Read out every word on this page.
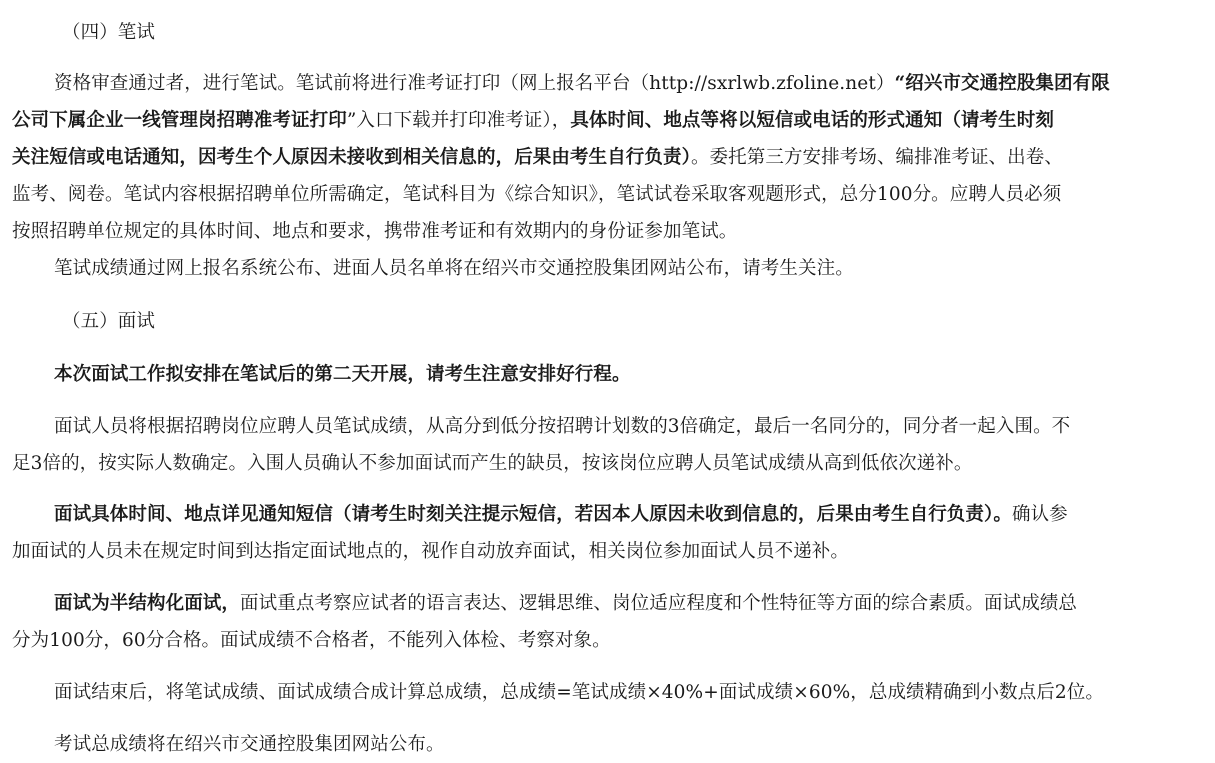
（四）笔试
资格审查通过者，进行笔试。笔试前将进行准考证打印（网上报名平台（http://sxrlwb.zfoline.net）“绍兴市交通控股集团有限
公司下属企业一线管理岗招聘准考证打印”入口下载并打印准考证），具体时间、地点等将以短信或电话的形式通知（请考生时刻
关注短信或电话通知，因考生个人原因未接收到相关信息的，后果由考生自行负责）。委托第三方安排考场、编排准考证、出卷、
监考、阅卷。笔试内容根据招聘单位所需确定，笔试科目为《综合知识》，笔试试卷采取客观题形式，总分100分。应聘人员必须
按照招聘单位规定的具体时间、地点和要求，携带准考证和有效期内的身份证参加笔试。
笔试成绩通过网上报名系统公布、进面人员名单将在绍兴市交通控股集团网站公布，请考生关注。
（五）面试
本次面试工作拟安排在笔试后的第二天开展，请考生注意安排好行程。
面试人员将根据招聘岗位应聘人员笔试成绩，从高分到低分按招聘计划数的3倍确定，最后一名同分的，同分者一起入围。不
足3倍的，按实际人数确定。入围人员确认不参加面试而产生的缺员，按该岗位应聘人员笔试成绩从高到低依次递补。
面试具体时间、地点详见通知短信（请考生时刻关注提示短信，若因本人原因未收到信息的，后果由考生自行负责）。确认参
加面试的人员未在规定时间到达指定面试地点的，视作自动放弃面试，相关岗位参加面试人员不递补。
面试为半结构化面试，面试重点考察应试者的语言表达、逻辑思维、岗位适应程度和个性特征等方面的综合素质。面试成绩总
分为100分，60分合格。面试成绩不合格者，不能列入体检、考察对象。
面试结束后，将笔试成绩、面试成绩合成计算总成绩，总成绩=笔试成绩×40%+面试成绩×60%，总成绩精确到小数点后2位。
考试总成绩将在绍兴市交通控股集团网站公布。
